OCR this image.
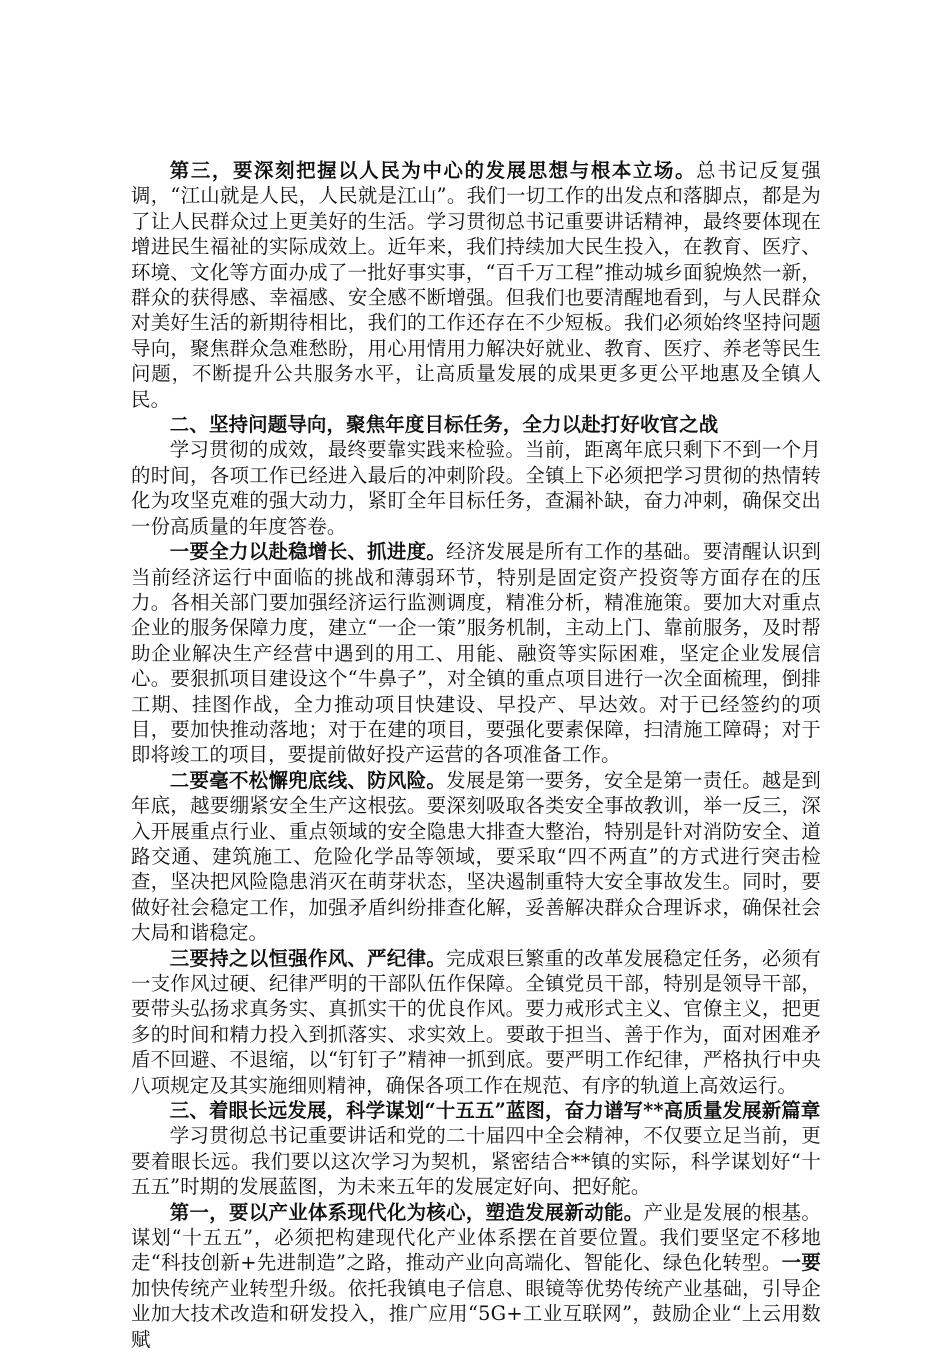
第三，要深刻把握以人民为中心的发展思想与根本立场。总书记反复强调，“江山就是人民，人民就是江山”。我们一切工作的出发点和落脚点，都是为了让人民群众过上更美好的生活。学习贯彻总书记重要讲话精神，最终要体现在增进民生福祉的实际成效上。近年来，我们持续加大民生投入，在教育、医疗、环境、文化等方面办成了一批好事实事，“百千万工程”推动城乡面貌焕然一新，群众的获得感、幸福感、安全感不断增强。但我们也要清醒地看到，与人民群众对美好生活的新期待相比，我们的工作还存在不少短板。我们必须始终坚持问题导向，聚焦群众急难愁盼，用心用情用力解决好就业、教育、医疗、养老等民生问题，不断提升公共服务水平，让高质量发展的成果更多更公平地惠及全镇人民。

二、坚持问题导向，聚焦年度目标任务，全力以赴打好收官之战

学习贯彻的成效，最终要靠实践来检验。当前，距离年底只剩下不到一个月的时间，各项工作已经进入最后的冲刺阶段。全镇上下必须把学习贯彻的热情转化为攻坚克难的强大动力，紧盯全年目标任务，查漏补缺，奋力冲刺，确保交出一份高质量的年度答卷。

一要全力以赴稳增长、抓进度。经济发展是所有工作的基础。要清醒认识到当前经济运行中面临的挑战和薄弱环节，特别是固定资产投资等方面存在的压力。各相关部门要加强经济运行监测调度，精准分析，精准施策。要加大对重点企业的服务保障力度，建立“一企一策”服务机制，主动上门、靠前服务，及时帮助企业解决生产经营中遇到的用工、用能、融资等实际困难，坚定企业发展信心。要狠抓项目建设这个“牛鼻子”，对全镇的重点项目进行一次全面梳理，倒排工期、挂图作战，全力推动项目快建设、早投产、早达效。对于已经签约的项目，要加快推动落地；对于在建的项目，要强化要素保障，扫清施工障碍；对于即将竣工的项目，要提前做好投产运营的各项准备工作。

二要毫不松懈兜底线、防风险。发展是第一要务，安全是第一责任。越是到年底，越要绷紧安全生产这根弦。要深刻吸取各类安全事故教训，举一反三，深入开展重点行业、重点领域的安全隐患大排查大整治，特别是针对消防安全、道路交通、建筑施工、危险化学品等领域，要采取“四不两直”的方式进行突击检查，坚决把风险隐患消灭在萌芽状态，坚决遏制重特大安全事故发生。同时，要做好社会稳定工作，加强矛盾纠纷排查化解，妥善解决群众合理诉求，确保社会大局和谐稳定。

三要持之以恒强作风、严纪律。完成艰巨繁重的改革发展稳定任务，必须有一支作风过硬、纪律严明的干部队伍作保障。全镇党员干部，特别是领导干部，要带头弘扬求真务实、真抓实干的优良作风。要力戒形式主义、官僚主义，把更多的时间和精力投入到抓落实、求实效上。要敢于担当、善于作为，面对困难矛盾不回避、不退缩，以“钉钉子”精神一抓到底。要严明工作纪律，严格执行中央八项规定及其实施细则精神，确保各项工作在规范、有序的轨道上高效运行。

三、着眼长远发展，科学谋划“十五五”蓝图，奋力谱写**高质量发展新篇章

学习贯彻总书记重要讲话和党的二十届四中全会精神，不仅要立足当前，更要着眼长远。我们要以这次学习为契机，紧密结合**镇的实际，科学谋划好“十五五”时期的发展蓝图，为未来五年的发展定好向、把好舵。

第一，要以产业体系现代化为核心，塑造发展新动能。产业是发展的根基。谋划“十五五”，必须把构建现代化产业体系摆在首要位置。我们要坚定不移地走“科技创新+先进制造”之路，推动产业向高端化、智能化、绿色化转型。一要加快传统产业转型升级。依托我镇电子信息、眼镜等优势传统产业基础，引导企业加大技术改造和研发投入，推广应用“5G+工业互联网”，鼓励企业“上云用数赋
